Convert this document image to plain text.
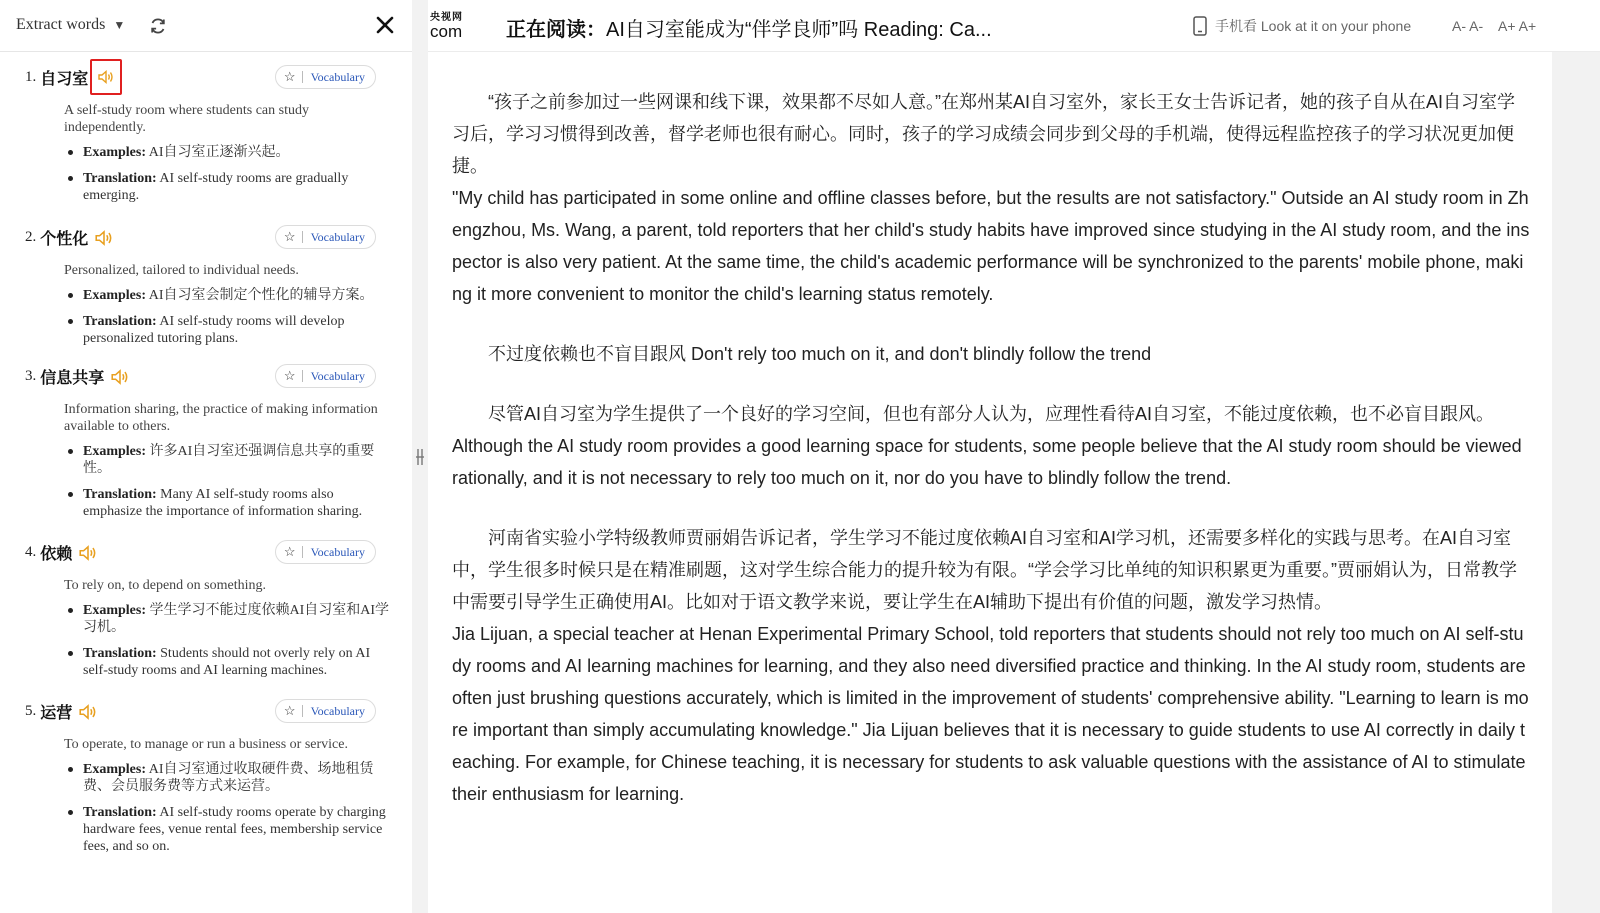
Extract words ▼
1. 自习室	☆ Vocabulary
A self-study room where students can study independently.
Examples: AI自习室正逐渐兴起。
Translation: AI self-study rooms are gradually emerging.
2. 个性化	☆ Vocabulary
Personalized, tailored to individual needs.
Examples: AI自习室会制定个性化的辅导方案。
Translation: AI self-study rooms will develop personalized tutoring plans.
3. 信息共享	☆ Vocabulary
Information sharing, the practice of making information available to others.
Examples: 许多AI自习室还强调信息共享的重要性。
Translation: Many AI self-study rooms also emphasize the importance of information sharing.
4. 依赖	☆ Vocabulary
To rely on, to depend on something.
Examples: 学生学习不能过度依赖AI自习室和AI学习机。
Translation: Students should not overly rely on AI self-study rooms and AI learning machines.
5. 运营	☆ Vocabulary
To operate, to manage or run a business or service.
Examples: AI自习室通过收取硬件费、场地租赁费、会员服务费等方式来运营。
Translation: AI self-study rooms operate by charging hardware fees, venue rental fees, membership service fees, and so on.
央视网
com	正在阅读：AI自习室能成为“伴学良师”吗 Reading: Ca...	手机看 Look at it on your phone	A- A- A+ A+

“孩子之前参加过一些网课和线下课，效果都不尽如人意。”在郑州某AI自习室外，家长王女士告诉记者，她的孩子自从在AI自习室学习后，学习习惯得到改善，督学老师也很有耐心。同时，孩子的学习成绩会同步到父母的手机端，使得远程监控孩子的学习状况更加便捷。

"My child has participated in some online and offline classes before, but the results are not satisfactory." Outside an AI study room in Zhengzhou, Ms. Wang, a parent, told reporters that her child's study habits have improved since studying in the AI study room, and the inspector is also very patient. At the same time, the child's academic performance will be synchronized to the parents' mobile phone, making it more convenient to monitor the child's learning status remotely.

不过度依赖也不盲目跟风 Don't rely too much on it, and don't blindly follow the trend

尽管AI自习室为学生提供了一个良好的学习空间，但也有部分人认为，应理性看待AI自习室，不能过度依赖，也不必盲目跟风。

Although the AI study room provides a good learning space for students, some people believe that the AI study room should be viewed rationally, and it is not necessary to rely too much on it, nor do you have to blindly follow the trend.

河南省实验小学特级教师贾丽娟告诉记者，学生学习不能过度依赖AI自习室和AI学习机，还需要多样化的实践与思考。在AI自习室中，学生很多时候只是在精准刷题，这对学生综合能力的提升较为有限。“学会学习比单纯的知识积累更为重要。”贾丽娟认为，日常教学中需要引导学生正确使用AI。比如对于语文教学来说，要让学生在AI辅助下提出有价值的问题，激发学习热情。

Jia Lijuan, a special teacher at Henan Experimental Primary School, told reporters that students should not rely too much on AI self-study rooms and AI learning machines for learning, and they also need diversified practice and thinking. In the AI study room, students are often just brushing questions accurately, which is limited in the improvement of students' comprehensive ability. "Learning to learn is more important than simply accumulating knowledge." Jia Lijuan believes that it is necessary to guide students to use AI correctly in daily teaching. For example, for Chinese teaching, it is necessary for students to ask valuable questions with the assistance of AI to stimulate their enthusiasm for learning.
